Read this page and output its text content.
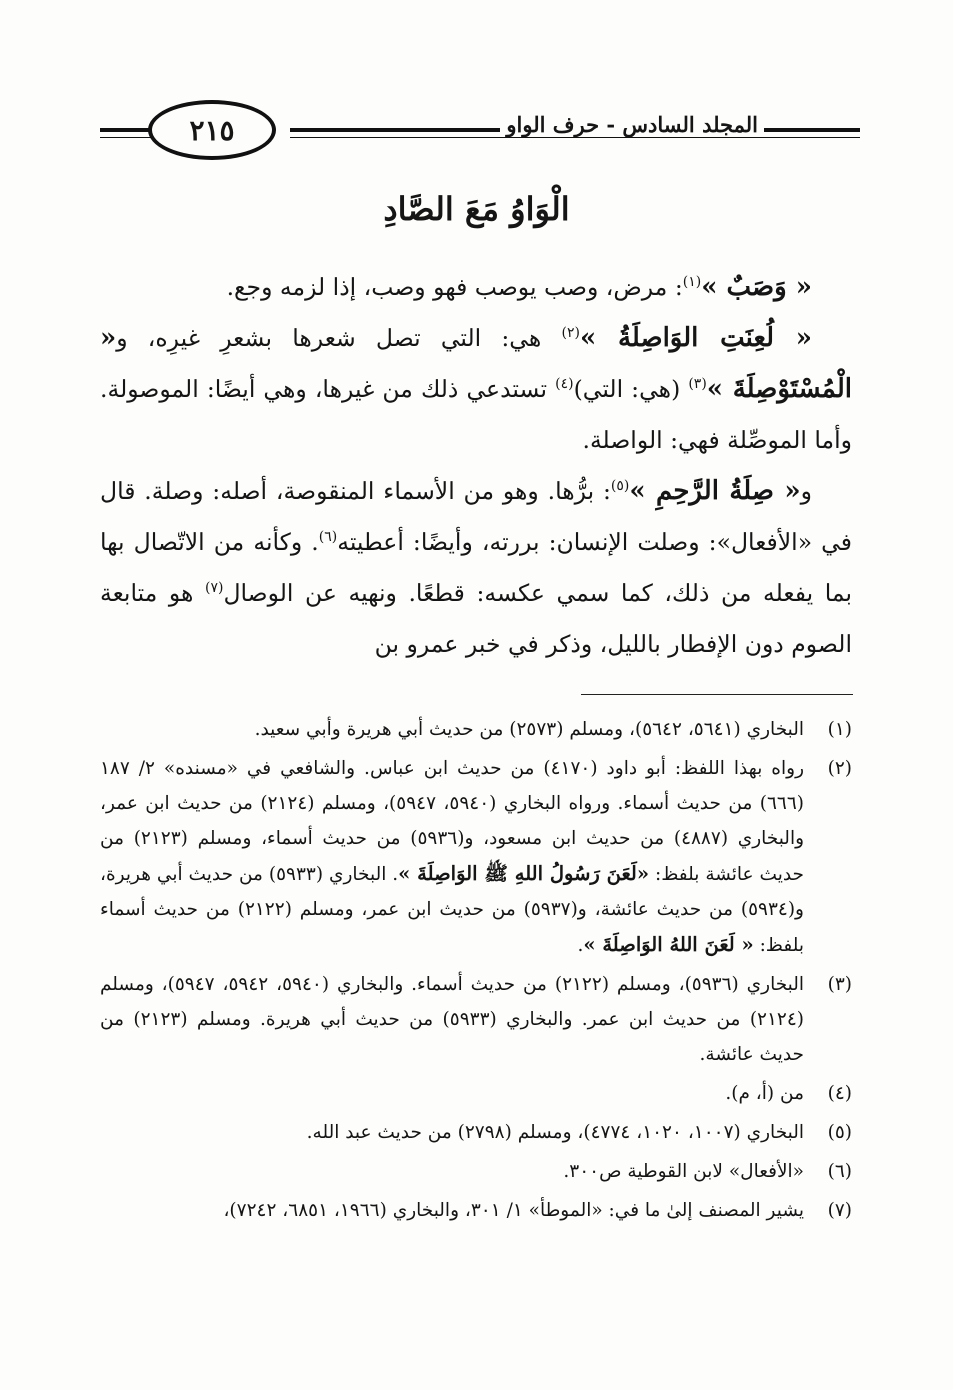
٢١٥	المجلد السادس - حرف الواو
الْوَاوُ مَعَ الصَّادِ

« وَصَبٌ »$^{(١)}$: مرض، وصب يوصب فهو وصب، إذا لزمه وجع.

« لُعِنَتِ الوَاصِلَةُ »$^{(٢)}$ هي: التي تصل شعرها بشعرِ غيرِه، و« الْمُسْتَوْصِلَةَ »$^{(٣)}$ (هي: التي)$^{(٤)}$ تستدعي ذلك من غيرها، وهي أيضًا: الموصولة. وأما الموصِّلة فهي: الواصلة.

و« صِلَةُ الرَّحِمِ »$^{(٥)}$: برُّها. وهو من الأسماء المنقوصة، أصله: وصلة. قال في «الأفعال»: وصلت الإنسان: بررته، وأيضًا: أعطيته$^{(٦)}$. وكأنه من الاتّصال بها بما يفعله من ذلك، كما سمي عكسه: قطعًا. ونهيه عن الوصال$^{(٧)}$ هو متابعة الصوم دون الإفطار بالليل، وذكر في خبر عمرو بن

(١)
البخاري (٥٦٤١، ٥٦٤٢)، ومسلم (٢٥٧٣) من حديث أبي هريرة وأبي سعيد.
(٢)
رواه بهذا اللفظ: أبو داود (٤١٧٠) من حديث ابن عباس. والشافعي في «مسنده» ٢/ ١٨٧ (٦٦٦) من حديث أسماء. ورواه البخاري (٥٩٤٠، ٥٩٤٧)، ومسلم (٢١٢٤) من حديث ابن عمر، والبخاري (٤٨٨٧) من حديث ابن مسعود، و(٥٩٣٦) من حديث أسماء، ومسلم (٢١٢٣) من حديث عائشة بلفظ: «لَعَنَ رَسُولُ اللهِ ﷺ الوَاصِلَةَ ». البخاري (٥٩٣٣) من حديث أبي هريرة، و(٥٩٣٤) من حديث عائشة، و(٥٩٣٧) من حديث ابن عمر، ومسلم (٢١٢٢) من حديث أسماء بلفظ: « لَعَنَ اللهُ الوَاصِلَةَ ».
(٣)
البخاري (٥٩٣٦)، ومسلم (٢١٢٢) من حديث أسماء. والبخاري (٥٩٤٠، ٥٩٤٢، ٥٩٤٧)، ومسلم (٢١٢٤) من حديث ابن عمر. والبخاري (٥٩٣٣) من حديث أبي هريرة. ومسلم (٢١٢٣) من حديث عائشة.
(٤)
من (أ، م).
(٥)
البخاري (١٠٠٧، ١٠٢٠، ٤٧٧٤)، ومسلم (٢٧٩٨) من حديث عبد الله.
(٦)
«الأفعال» لابن القوطية ص٣٠٠.
(٧)
يشير المصنف إلىٰ ما في: «الموطأ» ١/ ٣٠١، والبخاري (١٩٦٦، ٦٨٥١، ٧٢٤٢)،
